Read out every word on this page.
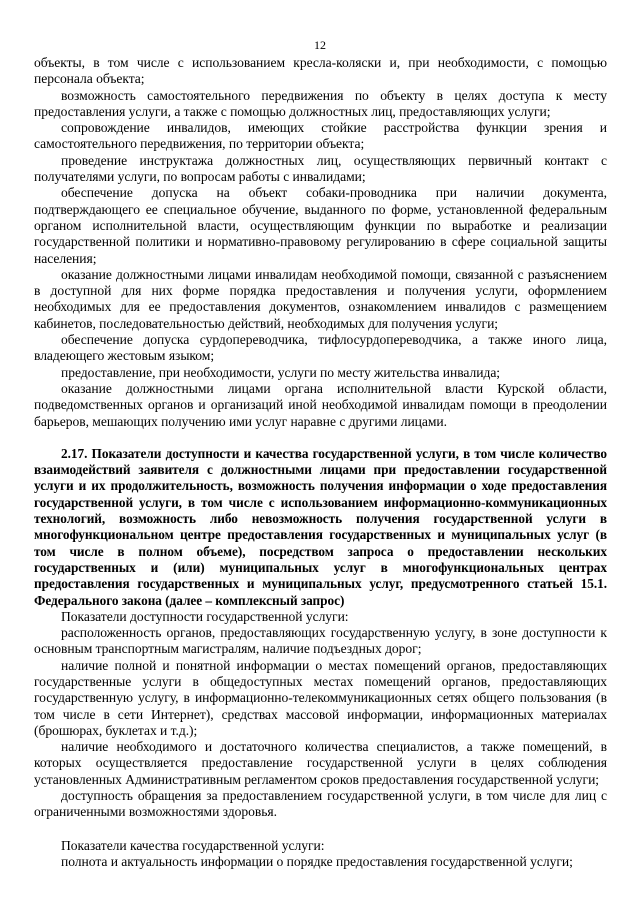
12

объекты, в том числе с использованием кресла-коляски и, при необходимости, с помощью персонала объекта;

возможность самостоятельного передвижения по объекту в целях доступа к месту предоставления услуги, а также с помощью должностных лиц, предоставляющих услуги;

сопровождение инвалидов, имеющих стойкие расстройства функции зрения и самостоятельного передвижения, по территории объекта;

проведение инструктажа должностных лиц, осуществляющих первичный контакт с получателями услуги, по вопросам работы с инвалидами;

обеспечение допуска на объект собаки-проводника при наличии документа, подтверждающего ее специальное обучение, выданного по форме, установленной федеральным органом исполнительной власти, осуществляющим функции по выработке и реализации государственной политики и нормативно-правовому регулированию в сфере социальной защиты населения;

оказание должностными лицами инвалидам необходимой помощи, связанной с разъяснением в доступной для них форме порядка предоставления и получения услуги, оформлением необходимых для ее предоставления документов, ознакомлением инвалидов с размещением кабинетов, последовательностью действий, необходимых для получения услуги;

обеспечение допуска сурдопереводчика, тифлосурдопереводчика, а также иного лица, владеющего жестовым языком;

предоставление, при необходимости, услуги по месту жительства инвалида;

оказание должностными лицами органа исполнительной власти Курской области, подведомственных органов и организаций иной необходимой инвалидам помощи в преодолении барьеров, мешающих получению ими услуг наравне с другими лицами.

2.17. Показатели доступности и качества государственной услуги, в том числе количество взаимодействий заявителя с должностными лицами при предоставлении государственной услуги и их продолжительность, возможность получения информации о ходе предоставления государственной услуги, в том числе с использованием информационно-коммуникационных технологий, возможность либо невозможность получения государственной услуги в многофункциональном центре предоставления государственных и муниципальных услуг (в том числе в полном объеме), посредством запроса о предоставлении нескольких государственных и (или) муниципальных услуг в многофункциональных центрах предоставления государственных и муниципальных услуг, предусмотренного статьей 15.1. Федерального закона (далее – комплексный запрос)

Показатели доступности государственной услуги:

расположенность органов, предоставляющих государственную услугу, в зоне доступности к основным транспортным магистралям, наличие подъездных дорог;

наличие полной и понятной информации о местах помещений органов, предоставляющих государственные услуги в общедоступных местах помещений органов, предоставляющих государственную услугу, в информационно-телекоммуникационных сетях общего пользования (в том числе в сети Интернет), средствах массовой информации, информационных материалах (брошюрах, буклетах и т.д.);

наличие необходимого и достаточного количества специалистов, а также помещений, в которых осуществляется предоставление государственной услуги в целях соблюдения установленных Административным регламентом сроков предоставления государственной услуги;

доступность обращения за предоставлением государственной услуги, в том числе для лиц с ограниченными возможностями здоровья.

Показатели качества государственной услуги:

полнота и актуальность информации о порядке предоставления государственной услуги;
